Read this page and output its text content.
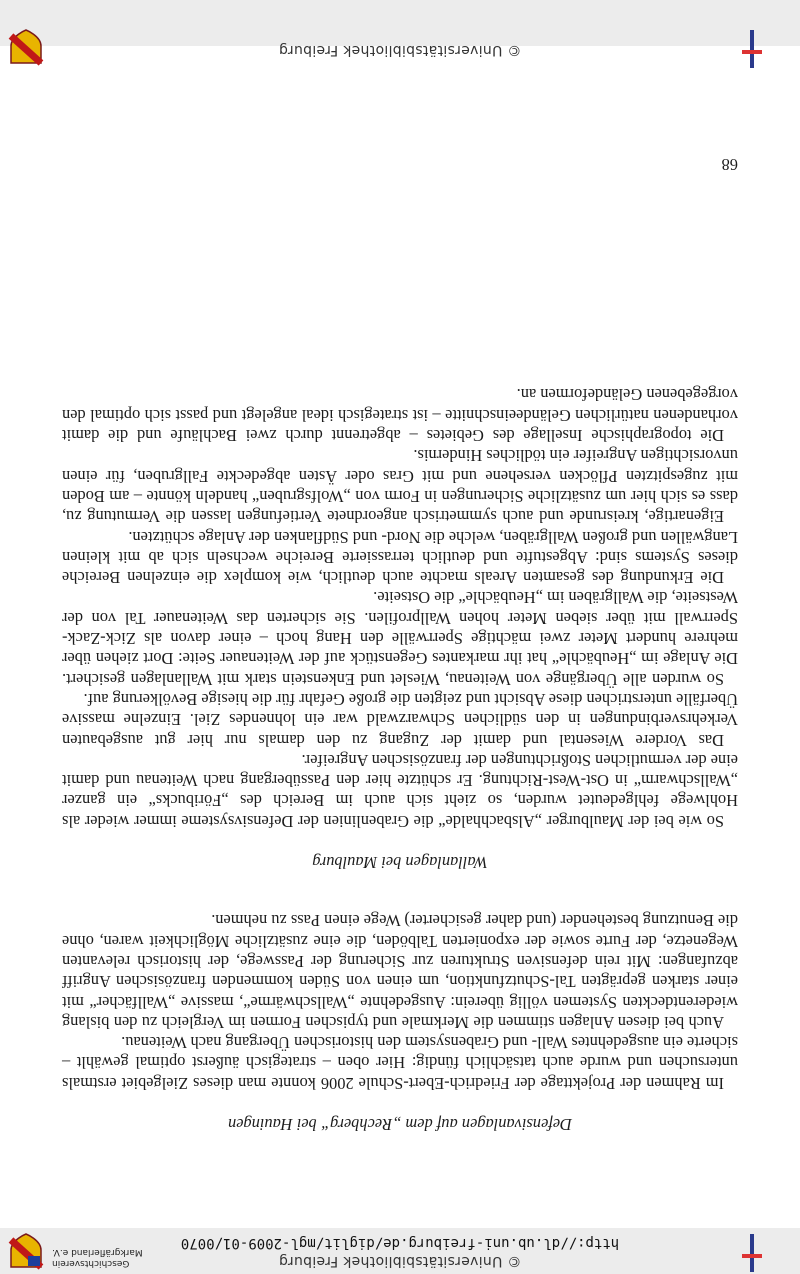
© Universitätsbibliothek Freiburg
http://dl.ub.uni-freiburg.de/diglit/mgl-2009-01/0070
Geschichtsverein
Markgräflerland e.V.
Defensivanlagen auf dem „Rechberg“ bei Hauingen

Im Rahmen der Projekttage der Friedrich-Ebert-Schule 2006 konnte man dieses Zielgebiet erstmals untersuchen und wurde auch tatsächlich fündig: Hier oben – strategisch äußerst optimal gewählt – sicherte ein ausgedehntes Wall- und Grabensystem den historischen Übergang nach Weitenau.

Auch bei diesen Anlagen stimmen die Merkmale und typischen Formen im Vergleich zu den bislang wiederentdeckten Systemen völlig überein: Ausgedehnte „Wallschwärme“, massive „Wallfächer“ mit einer starken geprägten Tal-Schutzfunktion, um einen von Süden kommenden französischen Angriff abzufangen: Mit rein defensiven Strukturen zur Sicherung der Passwege, der historisch relevanten Wegenetze, der Furte sowie der exponierten Talböden, die eine zusätzliche Möglichkeit waren, ohne die Benutzung bestehender (und daher gesicherter) Wege einen Pass zu nehmen.

Wallanlagen bei Maulburg

So wie bei der Maulburger „Alsbachhalde“ die Grabenlinien der Defensivsysteme immer wieder als Hohlwege fehlgedeutet wurden, so zieht sich auch im Bereich des „Föribucks“ ein ganzer „Wallschwarm“ in Ost-West-Richtung. Er schützte hier den Passübergang nach Weitenau und damit eine der vermutlichen Stoßrichtungen der französischen Angreifer.

Das Vordere Wiesental und damit der Zugang zu den damals nur hier gut ausgebauten Verkehrsverbindungen in den südlichen Schwarzwald war ein lohnendes Ziel. Einzelne massive Überfälle unterstrichen diese Absicht und zeigten die große Gefahr für die hiesige Bevölkerung auf.

So wurden alle Übergänge von Weitenau, Wieslet und Enkenstein stark mit Wallanlagen gesichert. Die Anlage im „Heubächle“ hat ihr markantes Gegenstück auf der Weitenauer Seite: Dort ziehen über mehrere hundert Meter zwei mächtige Sperrwälle den Hang hoch – einer davon als Zick-Zack-Sperrwall mit über sieben Meter hohen Wallprofilen. Sie sicherten das Weitenauer Tal von der Westseite, die Wallgräben im „Heubächle“ die Ostseite.

Die Erkundung des gesamten Areals machte auch deutlich, wie komplex die einzelnen Bereiche dieses Systems sind: Abgestufte und deutlich terrassierte Bereiche wechseln sich ab mit kleinen Langwällen und großen Wallgräben, welche die Nord- und Südflanken der Anlage schützten.

Eigenartige, kreisrunde und auch symmetrisch angeordnete Vertiefungen lassen die Vermutung zu, dass es sich hier um zusätzliche Sicherungen in Form von „Wolfsgruben“ handeln könnte – am Boden mit zugespitzten Pflöcken versehene und mit Gras oder Ästen abgedeckte Fallgruben, für einen unvorsichtigen Angreifer ein tödliches Hindernis.

Die topographische Insellage des Gebietes – abgetrennt durch zwei Bachläufe und die damit vorhandenen natürlichen Geländeeinschnitte – ist strategisch ideal angelegt und passt sich optimal den vorgegebenen Geländeformen an.

68
© Universitätsbibliothek Freiburg
